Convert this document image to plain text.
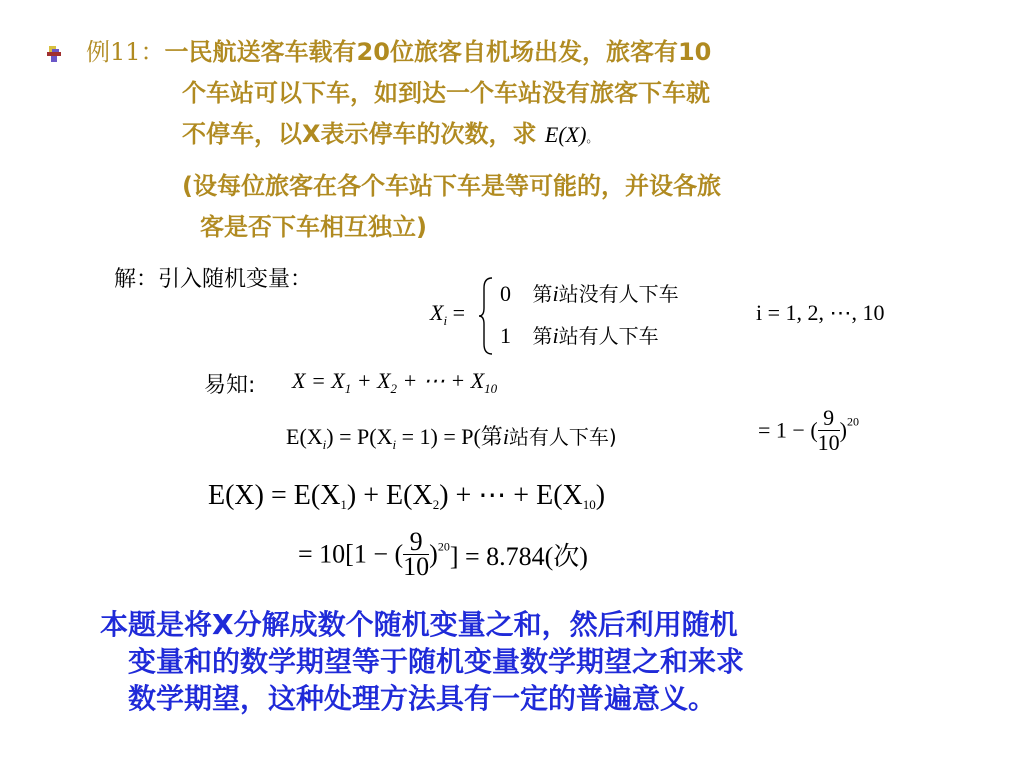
例11：一民航送客车载有20位旅客自机场出发，旅客有10
个车站可以下车，如到达一个车站没有旅客下车就
不停车，以X表示停车的次数，求 E(X)。
(设每位旅客在各个车站下车是等可能的，并设各旅
客是否下车相互独立)
解：引入随机变量：
$X_i$ =
0 第i站没有人下车
1 第i站有人下车
i = 1, 2, ⋯, 10
易知: $X = X_1 + X_2$ + ⋯ + $X_{10}$
$E(X_i) = P(X_i = 1) = P$(第i站有人下车)	= 1 − ( $\frac{9}{10} )^{20}$
$E(X) = E(X_1) + E(X_2)$ + ⋯ + $E(X_{10})$
= 10[1 − ( $\frac{9}{10} )^{20}] = 8.784$(次)
本题是将X分解成数个随机变量之和，然后利用随机
变量和的数学期望等于随机变量数学期望之和来求
数学期望，这种处理方法具有一定的普遍意义。
